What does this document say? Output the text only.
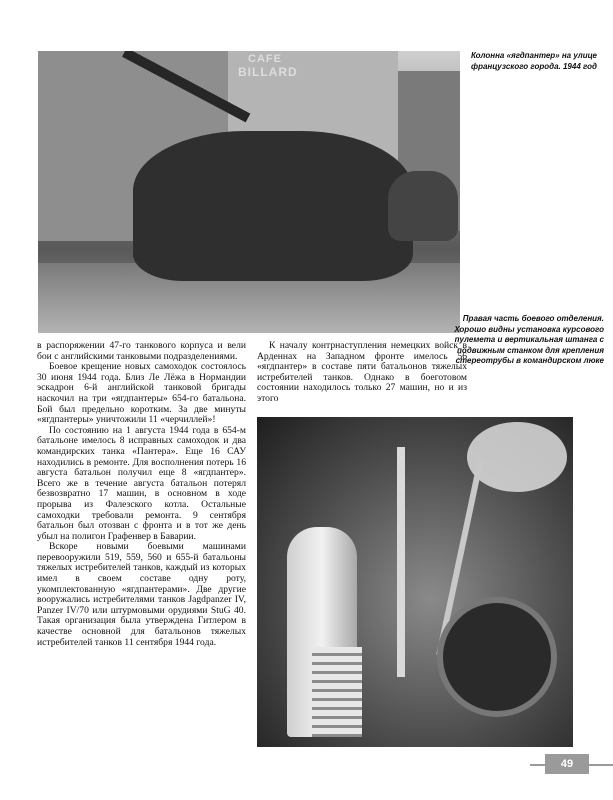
CAFE
BILLARD
Колонна «ягдпантер» на улице французского города. 1944 год
Правая часть боевого отделения. Хорошо видны установка курсового пулемета и вертикальная штанга с подвижным станком для крепления стереотрубы в командирском люке

в распоряжении 47-го танкового корпуса и вели бои с английскими танковыми подразделениями.

Боевое крещение новых самоходок состоялось 30 июня 1944 года. Близ Ле Лёжа в Нормандии эскадрон 6-й английской танковой бригады наскочил на три «ягдпантеры» 654-го батальона. Бой был предельно коротким. За две минуты «ягдпантеры» уничтожили 11 «черчиллей»!

По состоянию на 1 августа 1944 года в 654-м батальоне имелось 8 исправных самоходок и два командирских танка «Пантера». Еще 16 САУ находились в ремонте. Для восполнения потерь 16 августа батальон получил еще 8 «ягдпантер». Всего же в течение августа батальон потерял безвозвратно 17 машин, в основном в ходе прорыва из Фалезского котла. Остальные самоходки требовали ремонта. 9 сентября батальон был отозван с фронта и в тот же день убыл на полигон Графенвер в Баварии.

Вскоре новыми боевыми машинами перевооружили 519, 559, 560 и 655-й батальоны тяжелых истребителей танков, каждый из которых имел в своем составе одну роту, укомплектованную «ягдпантерами». Две другие вооружались истребителями танков Jagdpanzer IV, Panzer IV/70 или штурмовыми орудиями StuG 40. Такая организация была утверждена Гитлером в качестве основной для батальонов тяжелых истребителей танков 11 сентября 1944 года.

К началу контрнаступления немецких войск в Арденнах на Западном фронте имелось 56 «ягдпантер» в составе пяти батальонов тяжелых истребителей танков. Однако в боеготовом состоянии находилось только 27 машин, но и из этого

49
